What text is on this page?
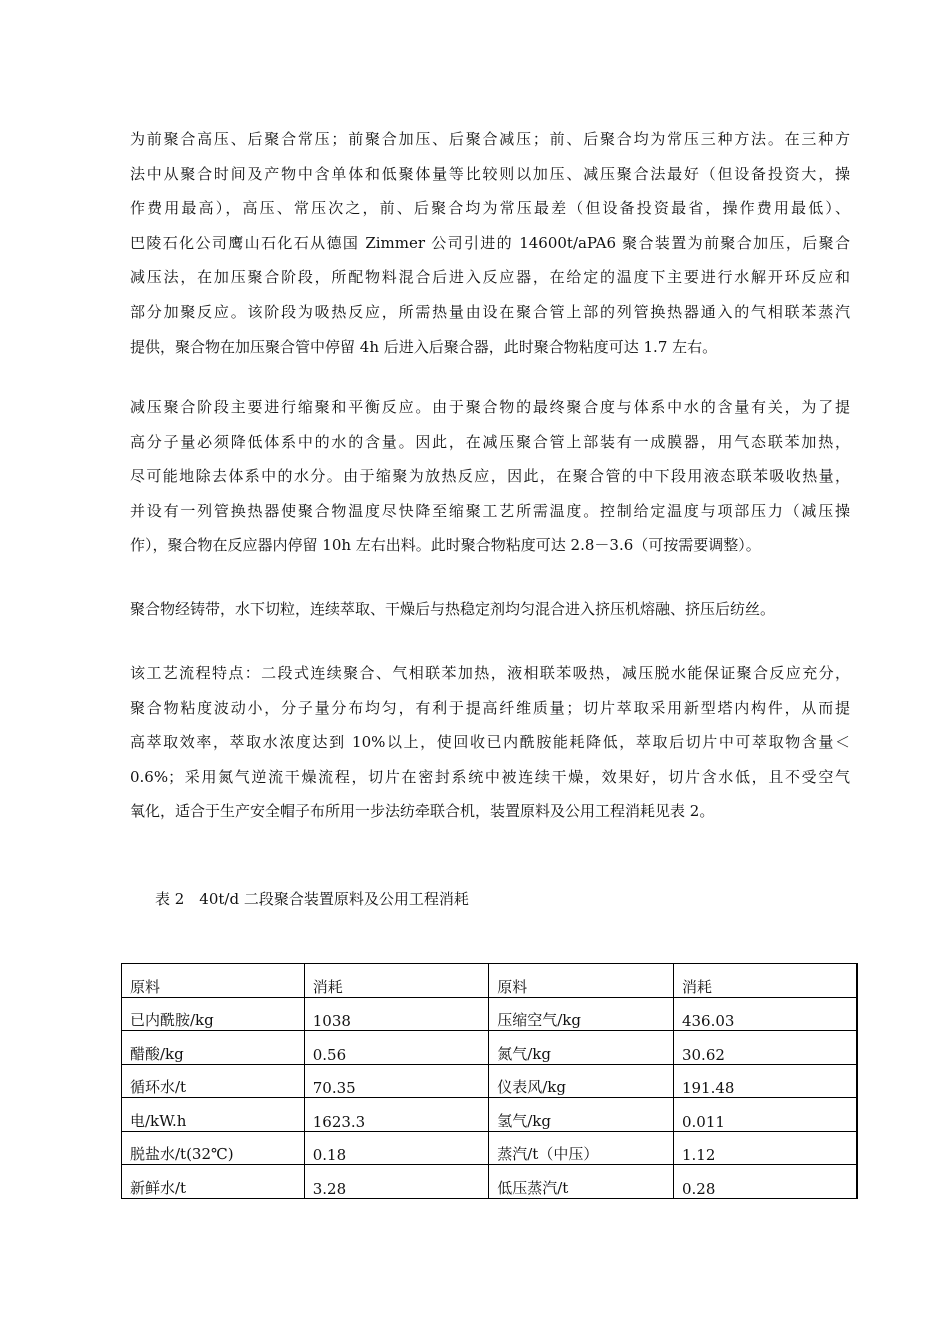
为前聚合高压、后聚合常压；前聚合加压、后聚合减压；前、后聚合均为常压三种方法。在三种方
法中从聚合时间及产物中含单体和低聚体量等比较则以加压、减压聚合法最好（但设备投资大，操
作费用最高），高压、常压次之，前、后聚合均为常压最差（但设备投资最省，操作费用最低）、
巴陵石化公司鹰山石化石从德国 Zimmer 公司引进的 14600t/aPA6 聚合装置为前聚合加压，后聚合
减压法，在加压聚合阶段，所配物料混合后进入反应器，在给定的温度下主要进行水解开环反应和
部分加聚反应。该阶段为吸热反应，所需热量由设在聚合管上部的列管换热器通入的气相联苯蒸汽
提供，聚合物在加压聚合管中停留 4h 后进入后聚合器，此时聚合物粘度可达 1.7 左右。
减压聚合阶段主要进行缩聚和平衡反应。由于聚合物的最终聚合度与体系中水的含量有关，为了提
高分子量必须降低体系中的水的含量。因此，在减压聚合管上部装有一成膜器，用气态联苯加热，
尽可能地除去体系中的水分。由于缩聚为放热反应，因此，在聚合管的中下段用液态联苯吸收热量，
并设有一列管换热器使聚合物温度尽快降至缩聚工艺所需温度。控制给定温度与项部压力（减压操
作），聚合物在反应器内停留 10h 左右出料。此时聚合物粘度可达 2.8－3.6（可按需要调整）。
聚合物经铸带，水下切粒，连续萃取、干燥后与热稳定剂均匀混合进入挤压机熔融、挤压后纺丝。
该工艺流程特点：二段式连续聚合、气相联苯加热，液相联苯吸热，减压脱水能保证聚合反应充分，
聚合物粘度波动小，分子量分布均匀，有利于提高纤维质量；切片萃取采用新型塔内构件，从而提
高萃取效率，萃取水浓度达到 10%以上，使回收已内酰胺能耗降低，萃取后切片中可萃取物含量＜
0.6%；采用氮气逆流干燥流程，切片在密封系统中被连续干燥，效果好，切片含水低，且不受空气
氧化，适合于生产安全帽子布所用一步法纺牵联合机，装置原料及公用工程消耗见表 2。
表 2　40t/d 二段聚合装置原料及公用工程消耗
原料	消耗	原料	消耗
已内酰胺/kg	1038	压缩空气/kg	436.03
醋酸/kg	0.56	氮气/kg	30.62
循环水/t	70.35	仪表风/kg	191.48
电/kW.h	1623.3	氢气/kg	0.011
脱盐水/t(32℃)	0.18	蒸汽/t（中压）	1.12
新鲜水/t	3.28	低压蒸汽/t	0.28
